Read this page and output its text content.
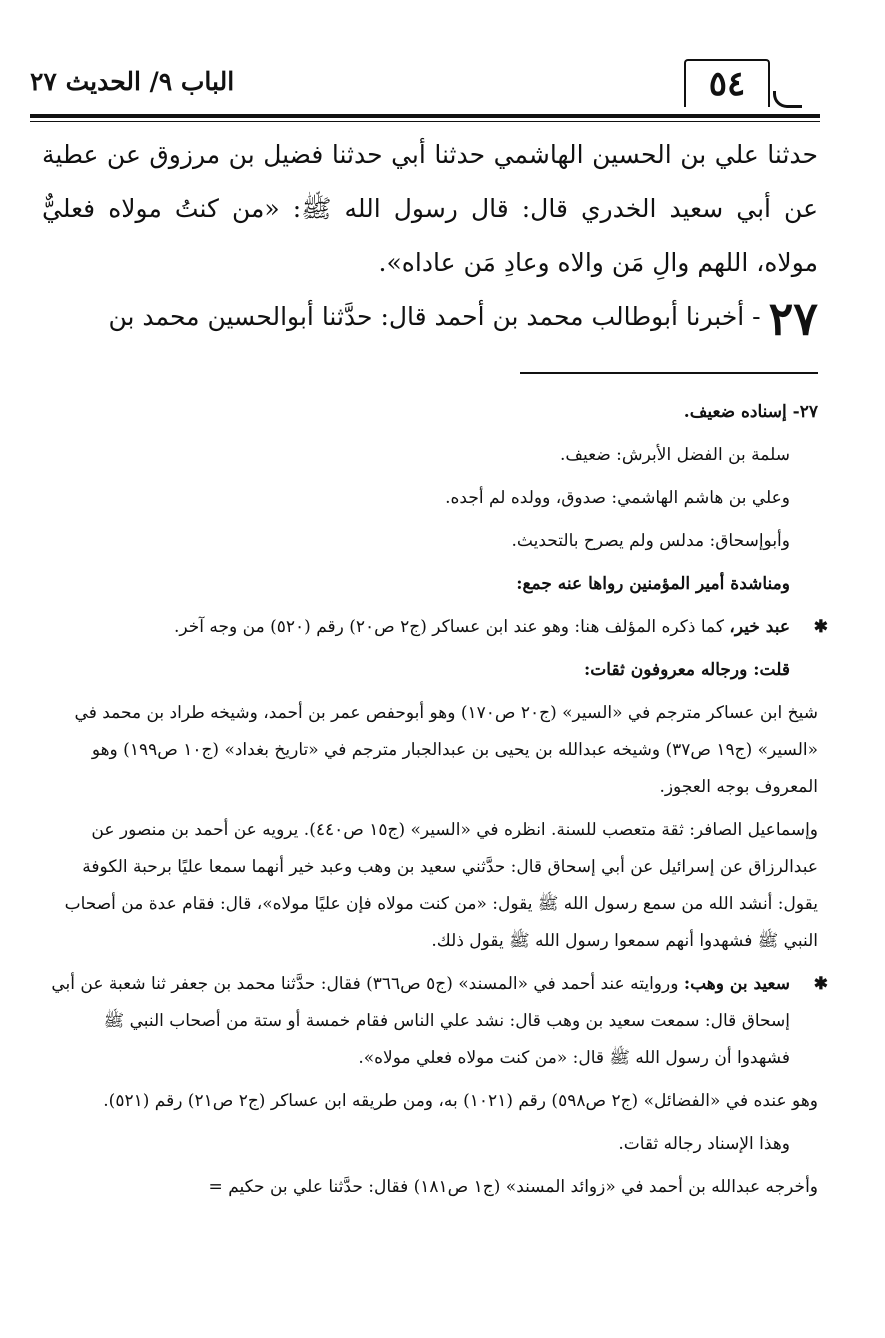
الباب ٩/ الحديث ٢٧	٥٤

حدثنا علي بن الحسين الهاشمي حدثنا أبي حدثنا فضيل بن مرزوق عن عطية عن أبي سعيد الخدري قال: قال رسول الله ﷺ: «من كنتُ مولاه فعليٌّ مولاه، اللهم والِ مَن والاه وعادِ مَن عاداه».

٢٧ - أخبرنا أبوطالب محمد بن أحمد قال: حدَّثنا أبوالحسين محمد بن

٢٧- إسناده ضعيف.

سلمة بن الفضل الأبرش: ضعيف.

وعلي بن هاشم الهاشمي: صدوق، وولده لم أجده.

وأبوإسحاق: مدلس ولم يصرح بالتحديث.

ومناشدة أمير المؤمنين رواها عنه جمع:

✱
عبد خير، كما ذكره المؤلف هنا: وهو عند ابن عساكر (ج٢ ص٢٠) رقم (٥٢٠) من وجه آخر.

قلت: ورجاله معروفون ثقات:

شيخ ابن عساكر مترجم في «السير» (ج٢٠ ص١٧٠) وهو أبوحفص عمر بن أحمد، وشيخه طراد بن محمد في «السير» (ج١٩ ص٣٧) وشيخه عبدالله بن يحيى بن عبدالجبار مترجم في «تاريخ بغداد» (ج١٠ ص١٩٩) وهو المعروف بوجه العجوز.

وإسماعيل الصافر: ثقة متعصب للسنة. انظره في «السير» (ج١٥ ص٤٤٠). يرويه عن أحمد بن منصور عن عبدالرزاق عن إسرائيل عن أبي إسحاق قال: حدَّثني سعيد بن وهب وعبد خير أنهما سمعا عليًا برحبة الكوفة يقول: أنشد الله من سمع رسول الله ﷺ يقول: «من كنت مولاه فإن عليًا مولاه»، قال: فقام عدة من أصحاب النبي ﷺ فشهدوا أنهم سمعوا رسول الله ﷺ يقول ذلك.

✱
سعيد بن وهب: وروايته عند أحمد في «المسند» (ج٥ ص٣٦٦) فقال: حدَّثنا محمد بن جعفر ثنا شعبة عن أبي إسحاق قال: سمعت سعيد بن وهب قال: نشد علي الناس فقام خمسة أو ستة من أصحاب النبي ﷺ فشهدوا أن رسول الله ﷺ قال: «من كنت مولاه فعلي مولاه».

وهو عنده في «الفضائل» (ج٢ ص٥٩٨) رقم (١٠٢١) به، ومن طريقه ابن عساكر (ج٢ ص٢١) رقم (٥٢١).

وهذا الإسناد رجاله ثقات.

وأخرجه عبدالله بن أحمد في «زوائد المسند» (ج١ ص١٨١) فقال: حدَّثنا علي بن حكيم =
